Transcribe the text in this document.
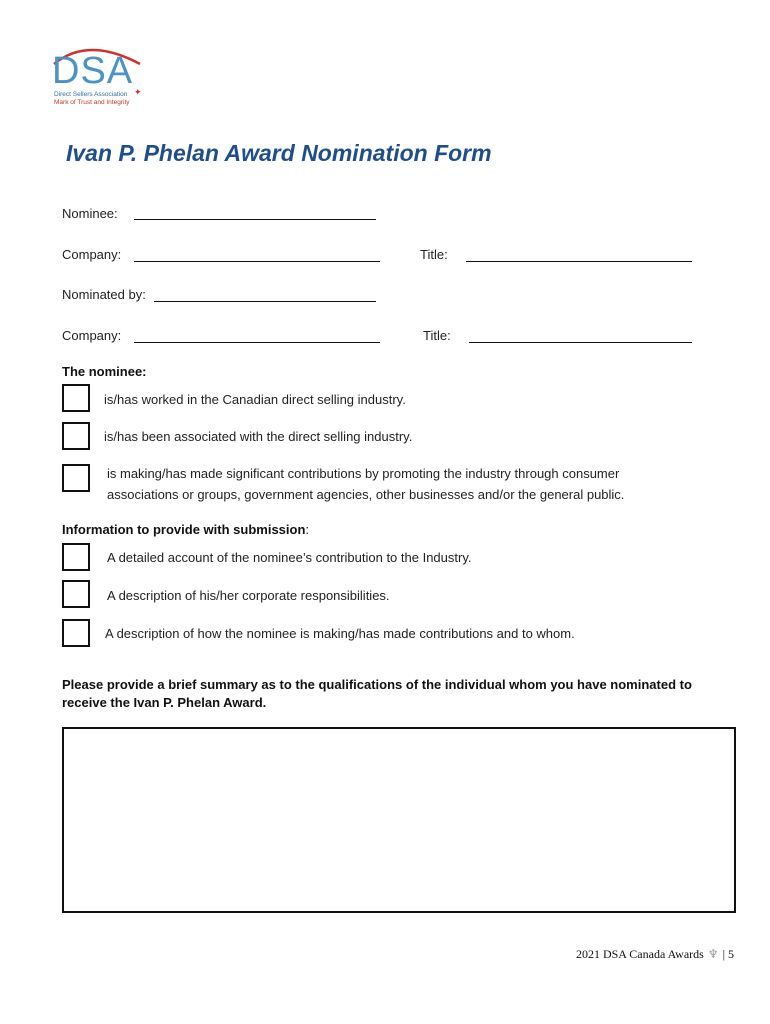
DSA
Direct Sellers Association
Mark of Trust and Integrity
✦
Ivan P. Phelan Award Nomination Form
Nominee:
Company:	Title:
Nominated by:
Company:	Title:
The nominee:
is/has worked in the Canadian direct selling industry.
is/has been associated with the direct selling industry.
is making/has made significant contributions by promoting the industry through consumer
associations or groups, government agencies, other businesses and/or the general public.
Information to provide with submission:
A detailed account of the nominee’s contribution to the Industry.
A description of his/her corporate responsibilities.
A description of how the nominee is making/has made contributions and to whom.
Please provide a brief summary as to the qualifications of the individual whom you have nominated to
receive the Ivan P. Phelan Award.
2021 DSA Canada Awards ♆ | 5
